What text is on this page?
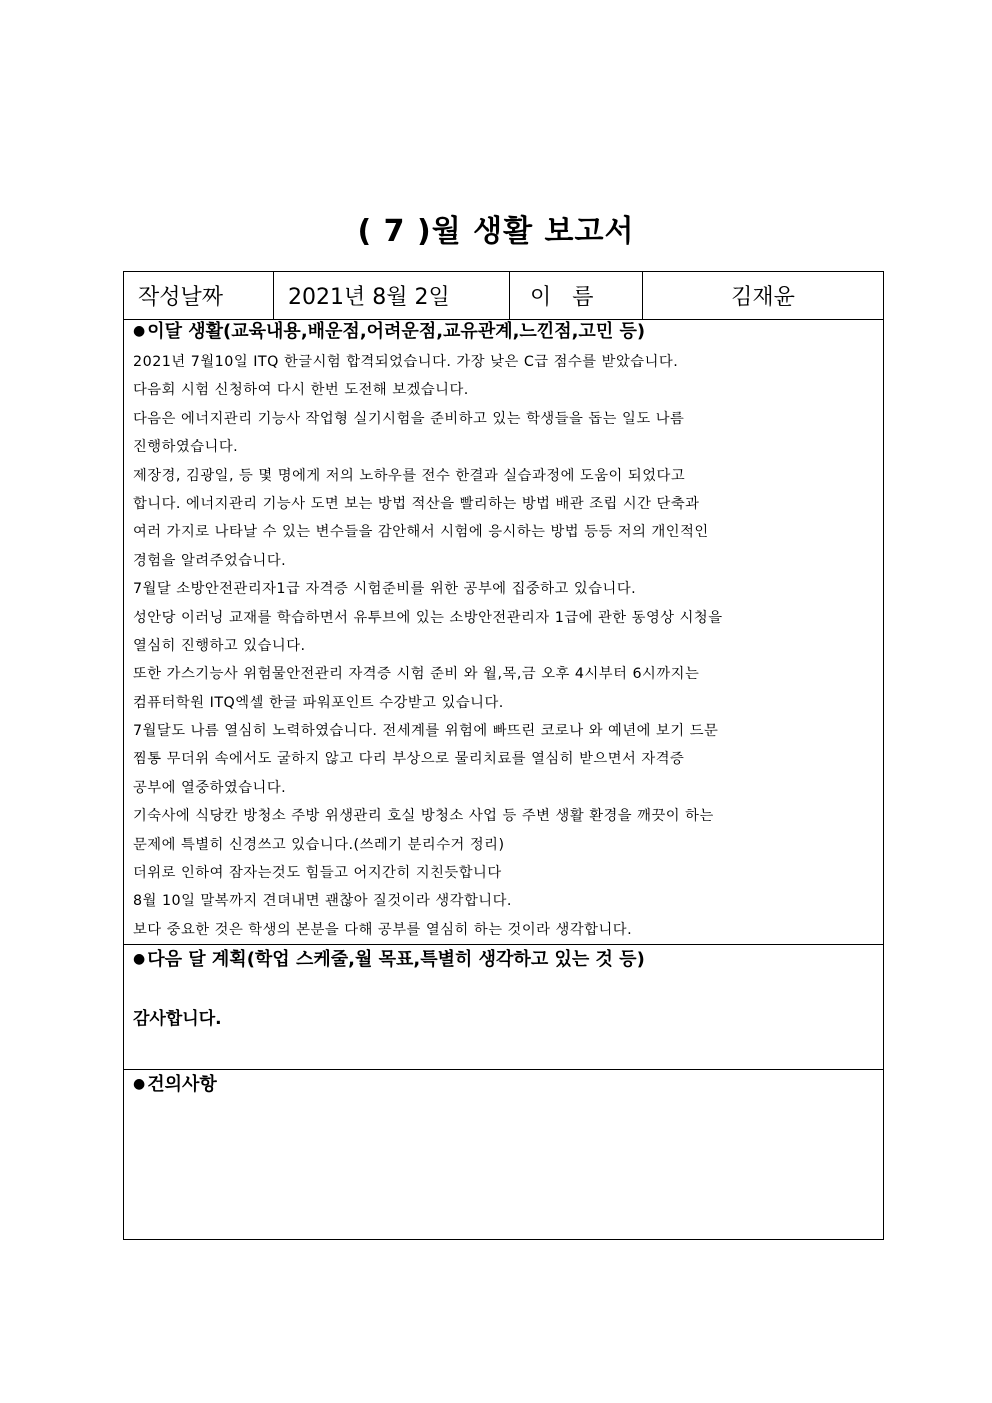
( 7 )월 생활 보고서
작성날짜	2021년 8월 2일	이   름	김재윤
● 이달 생활(교육내용,배운점,어려운점,교유관계,느낀점,고민 등)
2021년 7월10일 ITQ 한글시험 합격되었습니다. 가장 낮은 C급 점수를 받았습니다.
다음회 시험 신청하여 다시 한번 도전해 보겠습니다.
다음은 에너지관리 기능사 작업형 실기시험을 준비하고 있는 학생들을 돕는 일도 나름
진행하였습니다.
제장경, 김광일, 등 몇 명에게 저의 노하우를 전수 한결과 실습과정에 도움이 되었다고
합니다. 에너지관리 기능사 도면 보는 방법 적산을 빨리하는 방법 배관 조립 시간 단축과
여러 가지로 나타날 수 있는 변수들을 감안해서 시험에 응시하는 방법 등등 저의 개인적인
경험을 알려주었습니다.
7월달 소방안전관리자1급 자격증 시험준비를 위한 공부에 집중하고 있습니다.
성안당 이러닝 교재를 학습하면서 유투브에 있는 소방안전관리자 1급에 관한 동영상 시청을
열심히 진행하고 있습니다.
또한 가스기능사 위험물안전관리 자격증 시험 준비 와 월,목,금 오후 4시부터 6시까지는
컴퓨터학원 ITQ엑셀 한글 파워포인트 수강받고 있습니다.
7월달도 나름 열심히 노력하였습니다. 전세계를 위험에 빠뜨린 코로나 와 예년에 보기 드문
찜통 무더위 속에서도 굴하지 않고 다리 부상으로 물리치료를 열심히 받으면서 자격증
공부에 열중하였습니다.
기숙사에 식당칸 방청소 주방 위생관리 호실 방청소 사업 등 주변 생활 환경을 깨끗이 하는
문제에 특별히 신경쓰고 있습니다.(쓰레기 분리수거 정리)
더위로 인하여 잠자는것도 힘들고 어지간히 지친듯합니다
8월 10일 말복까지 견뎌내면 괜찮아 질것이라 생각합니다.
보다 중요한 것은 학생의 본분을 다해 공부를 열심히 하는 것이라 생각합니다.
● 다음 달 계획(학업 스케줄,월 목표,특별히 생각하고 있는 것 등)
감사합니다.
● 건의사항
